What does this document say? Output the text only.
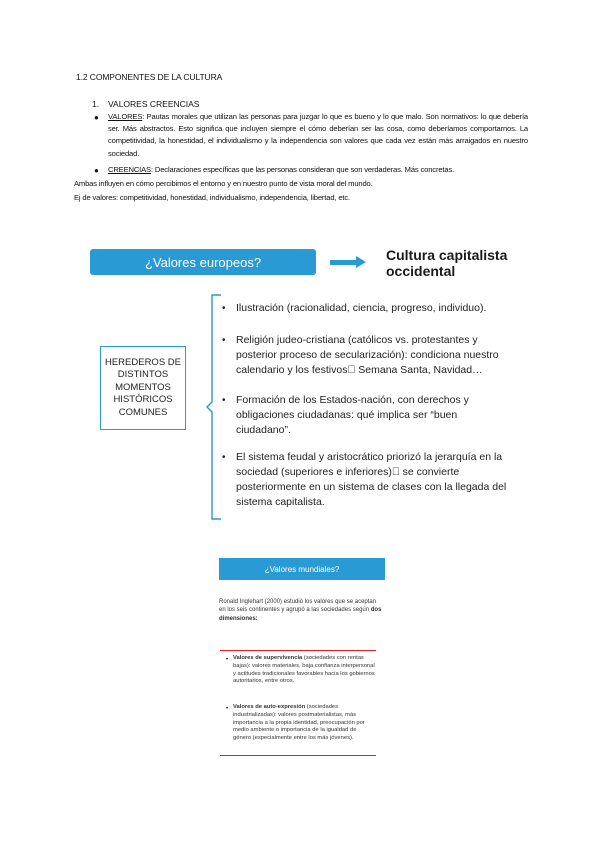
1.2 COMPONENTES DE LA CULTURA
1. VALORES CREENCIAS
● VALORES: Pautas morales que utilizan las personas para juzgar lo que es bueno y lo que malo. Son normativos: lo que debería ser. Más abstractos. Esto significa que incluyen siempre el cómo deberían ser las cosa, como deberíamos comportarnos. La competitividad, la honestidad, el individualismo y la independencia son valores que cada vez están más arraigados en nuestro sociedad.
● CREENCIAS: Declaraciones específicas que las personas consideran que son verdaderas. Más concretas.
Ambas influyen en cómo percibimos el entorno y en nuestro punto de vista moral del mundo.
Ej de valores: competitividad, honestidad, individualismo, independencia, libertad, etc.
¿Valores europeos?	Cultura capitalista occidental
HEREDEROS DE DISTINTOS MOMENTOS HISTÓRICOS COMUNES
• Ilustración (racionalidad, ciencia, progreso, individuo).
• Religión judeo-cristiana (católicos vs. protestantes y posterior proceso de secularización): condiciona nuestro calendario y los festivos  Semana Santa, Navidad…
• Formación de los Estados-nación, con derechos y obligaciones ciudadanas: qué implica ser “buen ciudadano”.
• El sistema feudal y aristocrático priorizó la jerarquía en la sociedad (superiores e inferiores)  se convierte posteriormente en un sistema de clases con la llegada del sistema capitalista.
¿Valores mundiales?
Ronald Inglehart (2000) estudió los valores que se aceptan en los seis continentes y agrupó a las sociedades según dos dimensiones:
• Valores de supervivencia (sociedades con rentas bajas): valores materiales, baja confianza interpersonal y actitudes tradicionales favorables hacia los gobiernos autoritarios, entre otros.
• Valores de auto-expresión (sociedades industrializadas): valores postmaterialistas, más importancia a la propia identidad, preocupación por medio ambiente o importancia de la igualdad de género (especialmente entre los más jóvenes).
